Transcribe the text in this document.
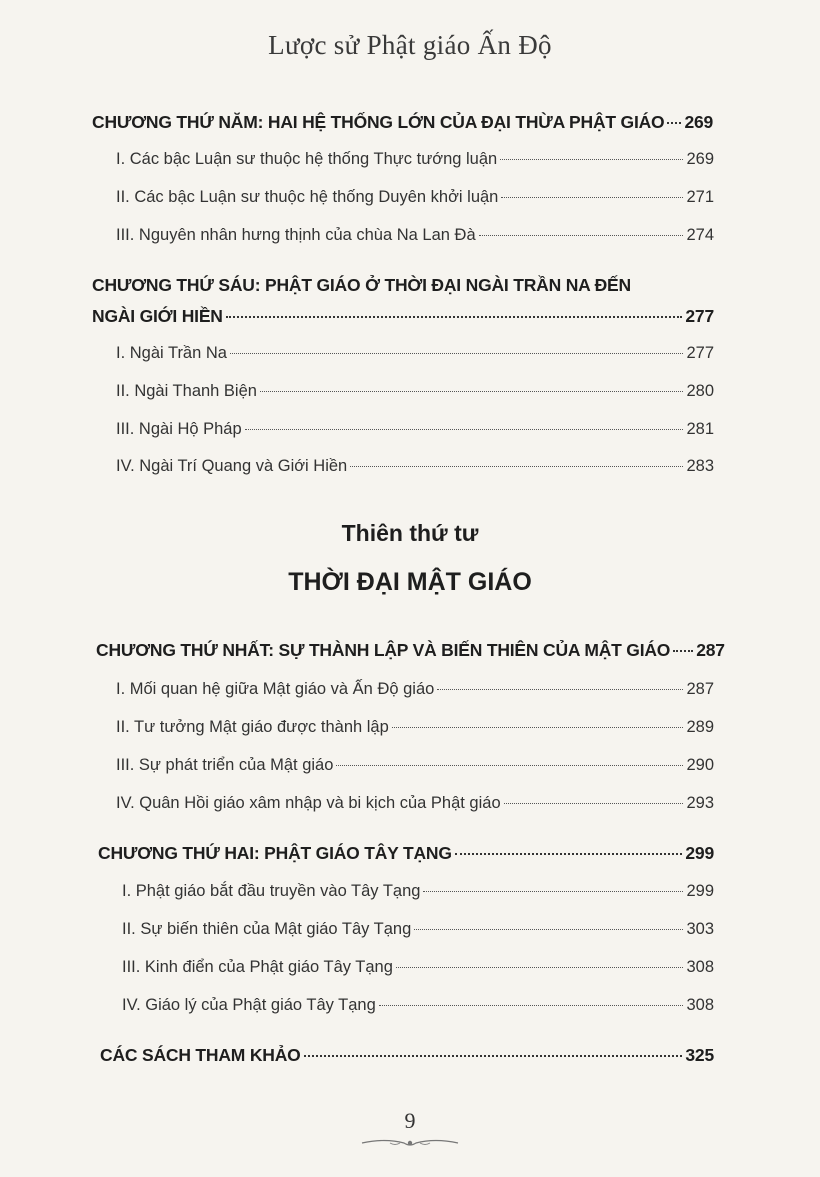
Lược sử Phật giáo Ấn Độ
CHƯƠNG THỨ NĂM: HAI HỆ THỐNG LỚN CỦA ĐẠI THỪA PHẬT GIÁO 269
I. Các bậc Luận sư thuộc hệ thống Thực tướng luận	269
II. Các bậc Luận sư thuộc hệ thống Duyên khởi luận	271
III. Nguyên nhân hưng thịnh của chùa Na Lan Đà	274
CHƯƠNG THỨ SÁU: PHẬT GIÁO Ở THỜI ĐẠI NGÀI TRẦN NA ĐẾN
NGÀI GIỚI HIỀN	277
I. Ngài Trần Na	277
II. Ngài Thanh Biện	280
III. Ngài Hộ Pháp	281
IV. Ngài Trí Quang và Giới Hiền	283
Thiên thứ tư
THỜI ĐẠI MẬT GIÁO
CHƯƠNG THỨ NHẤT: SỰ THÀNH LẬP VÀ BIẾN THIÊN CỦA MẬT GIÁO 287
I. Mối quan hệ giữa Mật giáo và Ấn Độ giáo	287
II. Tư tưởng Mật giáo được thành lập	289
III. Sự phát triển của Mật giáo	290
IV. Quân Hồi giáo xâm nhập và bi kịch của Phật giáo	293
CHƯƠNG THỨ HAI: PHẬT GIÁO TÂY TẠNG	299
I. Phật giáo bắt đầu truyền vào Tây Tạng	299
II. Sự biến thiên của Mật giáo Tây Tạng	303
III. Kinh điển của Phật giáo Tây Tạng	308
IV. Giáo lý của Phật giáo Tây Tạng	308
CÁC SÁCH THAM KHẢO	325
9
